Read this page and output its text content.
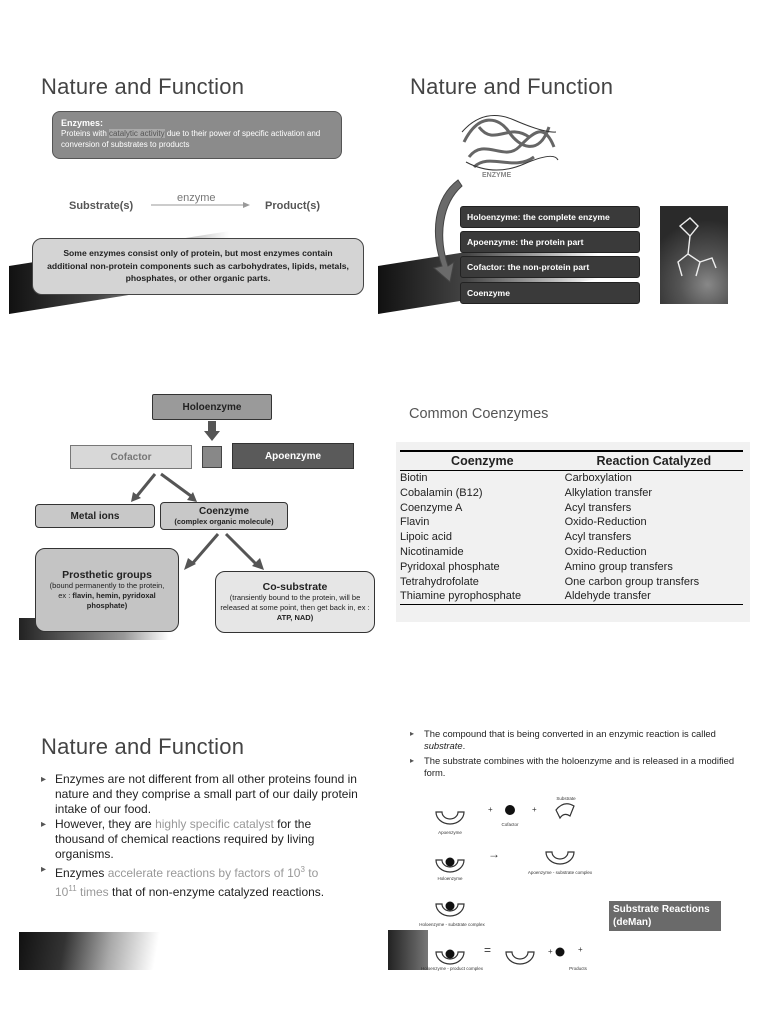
Nature and Function
Enzymes:
Proteins with catalytic activity due to their power of specific activation and conversion of substrates to products
Substrate(s)
enzyme
Product(s)
Some enzymes consist only of protein, but most enzymes contain additional non-protein components such as carbohydrates, lipids, metals, phosphates, or other organic parts.
Nature and Function
ENZYME
Holoenzyme: the complete enzyme
Apoenzyme: the protein part
Cofactor: the non-protein part
Coenzyme
Holoenzyme
Cofactor	Apoenzyme
Metal ions	Coenzyme
(complex organic molecule)
Prosthetic groups
(bound permanently to the protein,
ex : flavin, hemin, pyridoxal phosphate)
Co-substrate
(transiently bound to the protein, will be released at some point, then get back in, ex : ATP, NAD)
Common Coenzymes
Coenzyme	Reaction Catalyzed
Biotin	Carboxylation
Cobalamin (B12)	Alkylation transfer
Coenzyme A	Acyl transfers
Flavin	Oxido-Reduction
Lipoic acid	Acyl transfers
Nicotinamide	Oxido-Reduction
Pyridoxal phosphate	Amino group transfers
Tetrahydrofolate	One carbon group transfers
Thiamine pyrophosphate	Aldehyde transfer
Nature and Function
▸ Enzymes are not different from all other proteins found in nature and they comprise a small part of our daily protein intake of our food.
▸ However, they are highly specific catalyst for the thousand of chemical reactions required by living organisms.
▸ Enzymes accelerate reactions by factors of $10^3$ to
$10^{11}$ times that of non-enzyme catalyzed reactions.
▸ The compound that is being converted in an enzymic reaction is called substrate.
▸ The substrate combines with the holoenzyme and is released in a modified form.
+	+
→
=	+	+
Apoenzyme
Cofactor
Substrate
Holoenzyme
Apoenzyme - substrate complex
Holoenzyme - substrate complex
Holoenzyme - product complex	Products
Substrate Reactions (deMan)
